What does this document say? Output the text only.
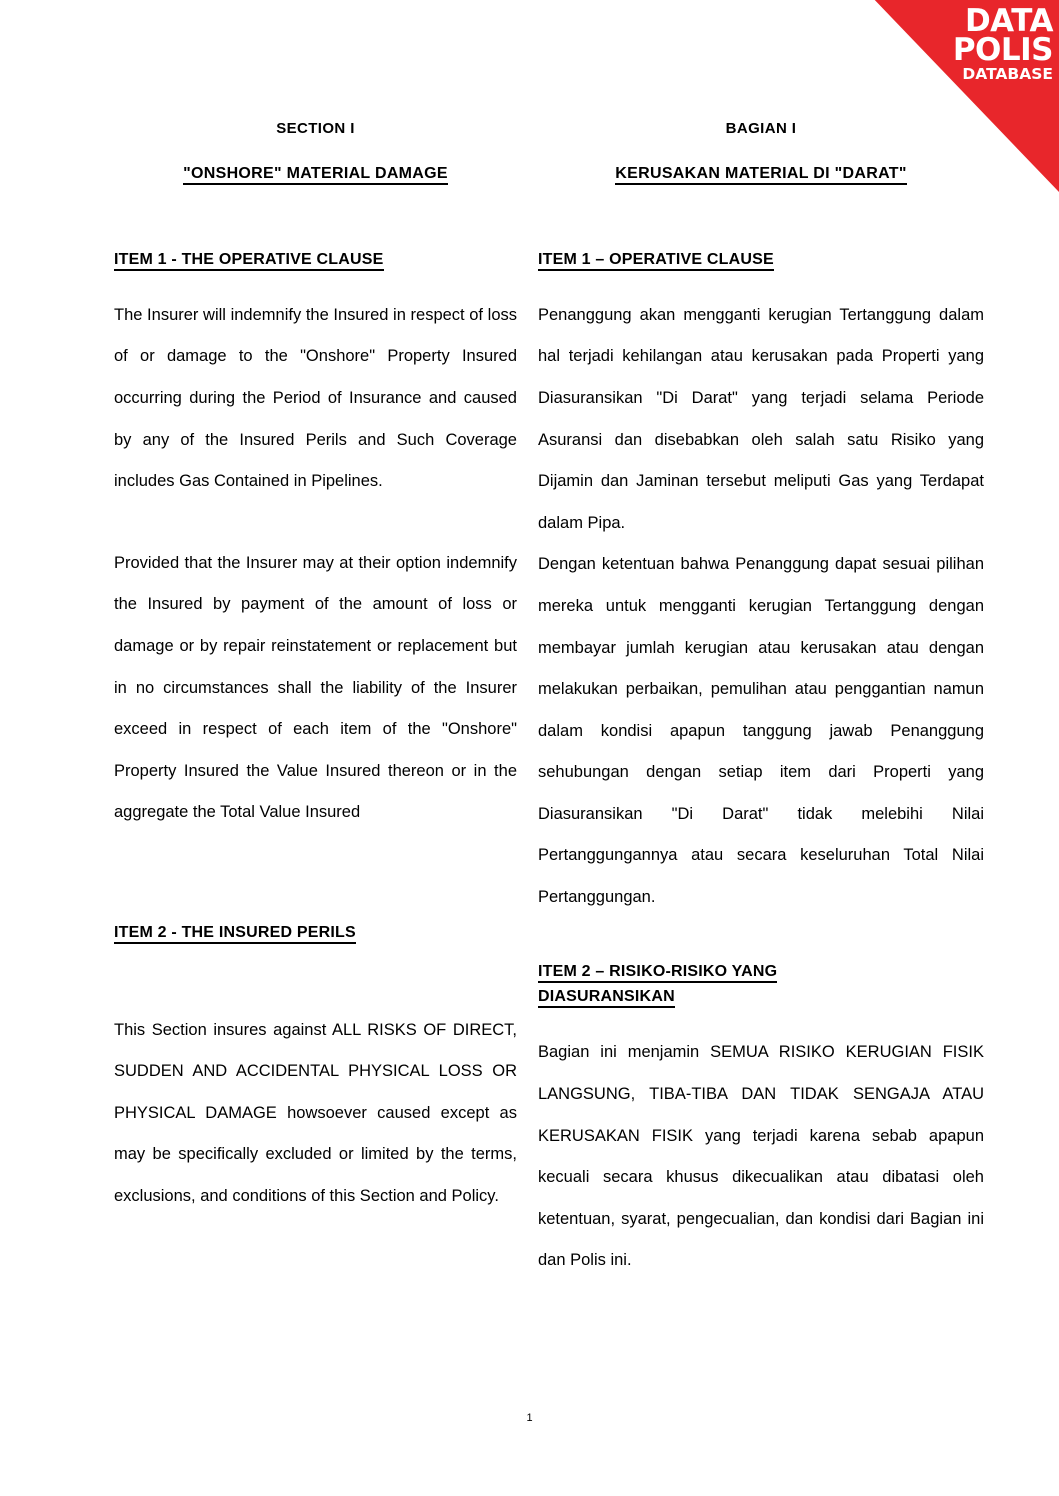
DATA
POLIS
DATABASE
SECTION I
"ONSHORE" MATERIAL DAMAGE
ITEM 1 - THE OPERATIVE CLAUSE

The Insurer will indemnify the Insured in respect of loss of or damage to the "Onshore" Property Insured occurring during the Period of Insurance and caused by any of the Insured Perils and Such Coverage includes Gas Contained in Pipelines.

Provided that the Insurer may at their option indemnify the Insured by payment of the amount of loss or damage or by repair reinstatement or replacement but in no circumstances shall the liability of the Insurer exceed in respect of each item of the "Onshore" Property Insured the Value Insured thereon or in the aggregate the Total Value Insured

ITEM 2 - THE INSURED PERILS

This Section insures against ALL RISKS OF DIRECT, SUDDEN AND ACCIDENTAL PHYSICAL LOSS OR PHYSICAL DAMAGE howsoever caused except as may be specifically excluded or limited by the terms, exclusions, and conditions of this Section and Policy.

BAGIAN I
KERUSAKAN MATERIAL DI "DARAT"
ITEM 1 – OPERATIVE CLAUSE

Penanggung akan mengganti kerugian Tertanggung dalam hal terjadi kehilangan atau kerusakan pada Properti yang Diasuransikan "Di Darat" yang terjadi selama Periode Asuransi dan disebabkan oleh salah satu Risiko yang Dijamin dan Jaminan tersebut meliputi Gas yang Terdapat dalam Pipa.

Dengan ketentuan bahwa Penanggung dapat sesuai pilihan mereka untuk mengganti kerugian Tertanggung dengan membayar jumlah kerugian atau kerusakan atau dengan melakukan perbaikan, pemulihan atau penggantian namun dalam kondisi apapun tanggung jawab Penanggung sehubungan dengan setiap item dari Properti yang Diasuransikan "Di Darat" tidak melebihi Nilai Pertanggungannya atau secara keseluruhan Total Nilai Pertanggungan.

ITEM 2 – RISIKO-RISIKO YANG
DIASURANSIKAN

Bagian ini menjamin SEMUA RISIKO KERUGIAN FISIK LANGSUNG, TIBA-TIBA DAN TIDAK SENGAJA ATAU KERUSAKAN FISIK yang terjadi karena sebab apapun kecuali secara khusus dikecualikan atau dibatasi oleh ketentuan, syarat, pengecualian, dan kondisi dari Bagian ini dan Polis ini.

1
